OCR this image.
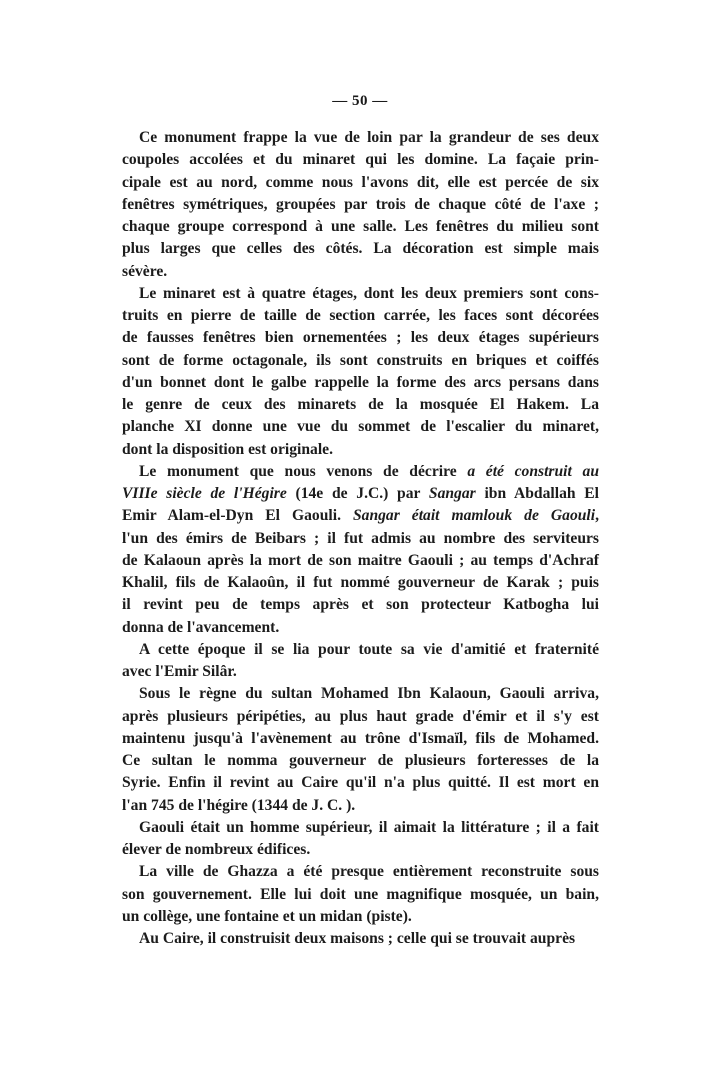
— 50 —
Ce monument frappe la vue de loin par la grandeur de ses deux
coupoles accolées et du minaret qui les domine. La façaie prin-
cipale est au nord, comme nous l'avons dit, elle est percée de six
fenêtres symétriques, groupées par trois de chaque côté de l'axe ;
chaque groupe correspond à une salle. Les fenêtres du milieu sont
plus larges que celles des côtés. La décoration est simple mais
sévère.
Le minaret est à quatre étages, dont les deux premiers sont cons-
truits en pierre de taille de section carrée, les faces sont décorées
de fausses fenêtres bien ornementées ; les deux étages supérieurs
sont de forme octagonale, ils sont construits en briques et coiffés
d'un bonnet dont le galbe rappelle la forme des arcs persans dans
le genre de ceux des minarets de la mosquée El Hakem. La
planche XI donne une vue du sommet de l'escalier du minaret,
dont la disposition est originale.
Le monument que nous venons de décrire a été construit au
VIIIe siècle de l'Hégire (14e de J.C.) par Sangar ibn Abdallah El
Emir Alam-el-Dyn El Gaouli. Sangar était mamlouk de Gaouli,
l'un des émirs de Beibars ; il fut admis au nombre des serviteurs
de Kalaoun après la mort de son maitre Gaouli ; au temps d'Achraf
Khalil, fils de Kalaoûn, il fut nommé gouverneur de Karak ; puis
il revint peu de temps après et son protecteur Katbogha lui
donna de l'avancement.
A cette époque il se lia pour toute sa vie d'amitié et fraternité
avec l'Emir Silâr.
Sous le règne du sultan Mohamed Ibn Kalaoun, Gaouli arriva,
après plusieurs péripéties, au plus haut grade d'émir et il s'y est
maintenu jusqu'à l'avènement au trône d'Ismaïl, fils de Mohamed.
Ce sultan le nomma gouverneur de plusieurs forteresses de la
Syrie. Enfin il revint au Caire qu'il n'a plus quitté. Il est mort en
l'an 745 de l'hégire (1344 de J. C. ).
Gaouli était un homme supérieur, il aimait la littérature ; il a fait
élever de nombreux édifices.
La ville de Ghazza a été presque entièrement reconstruite sous
son gouvernement. Elle lui doit une magnifique mosquée, un bain,
un collège, une fontaine et un midan (piste).
Au Caire, il construisit deux maisons ; celle qui se trouvait auprès
